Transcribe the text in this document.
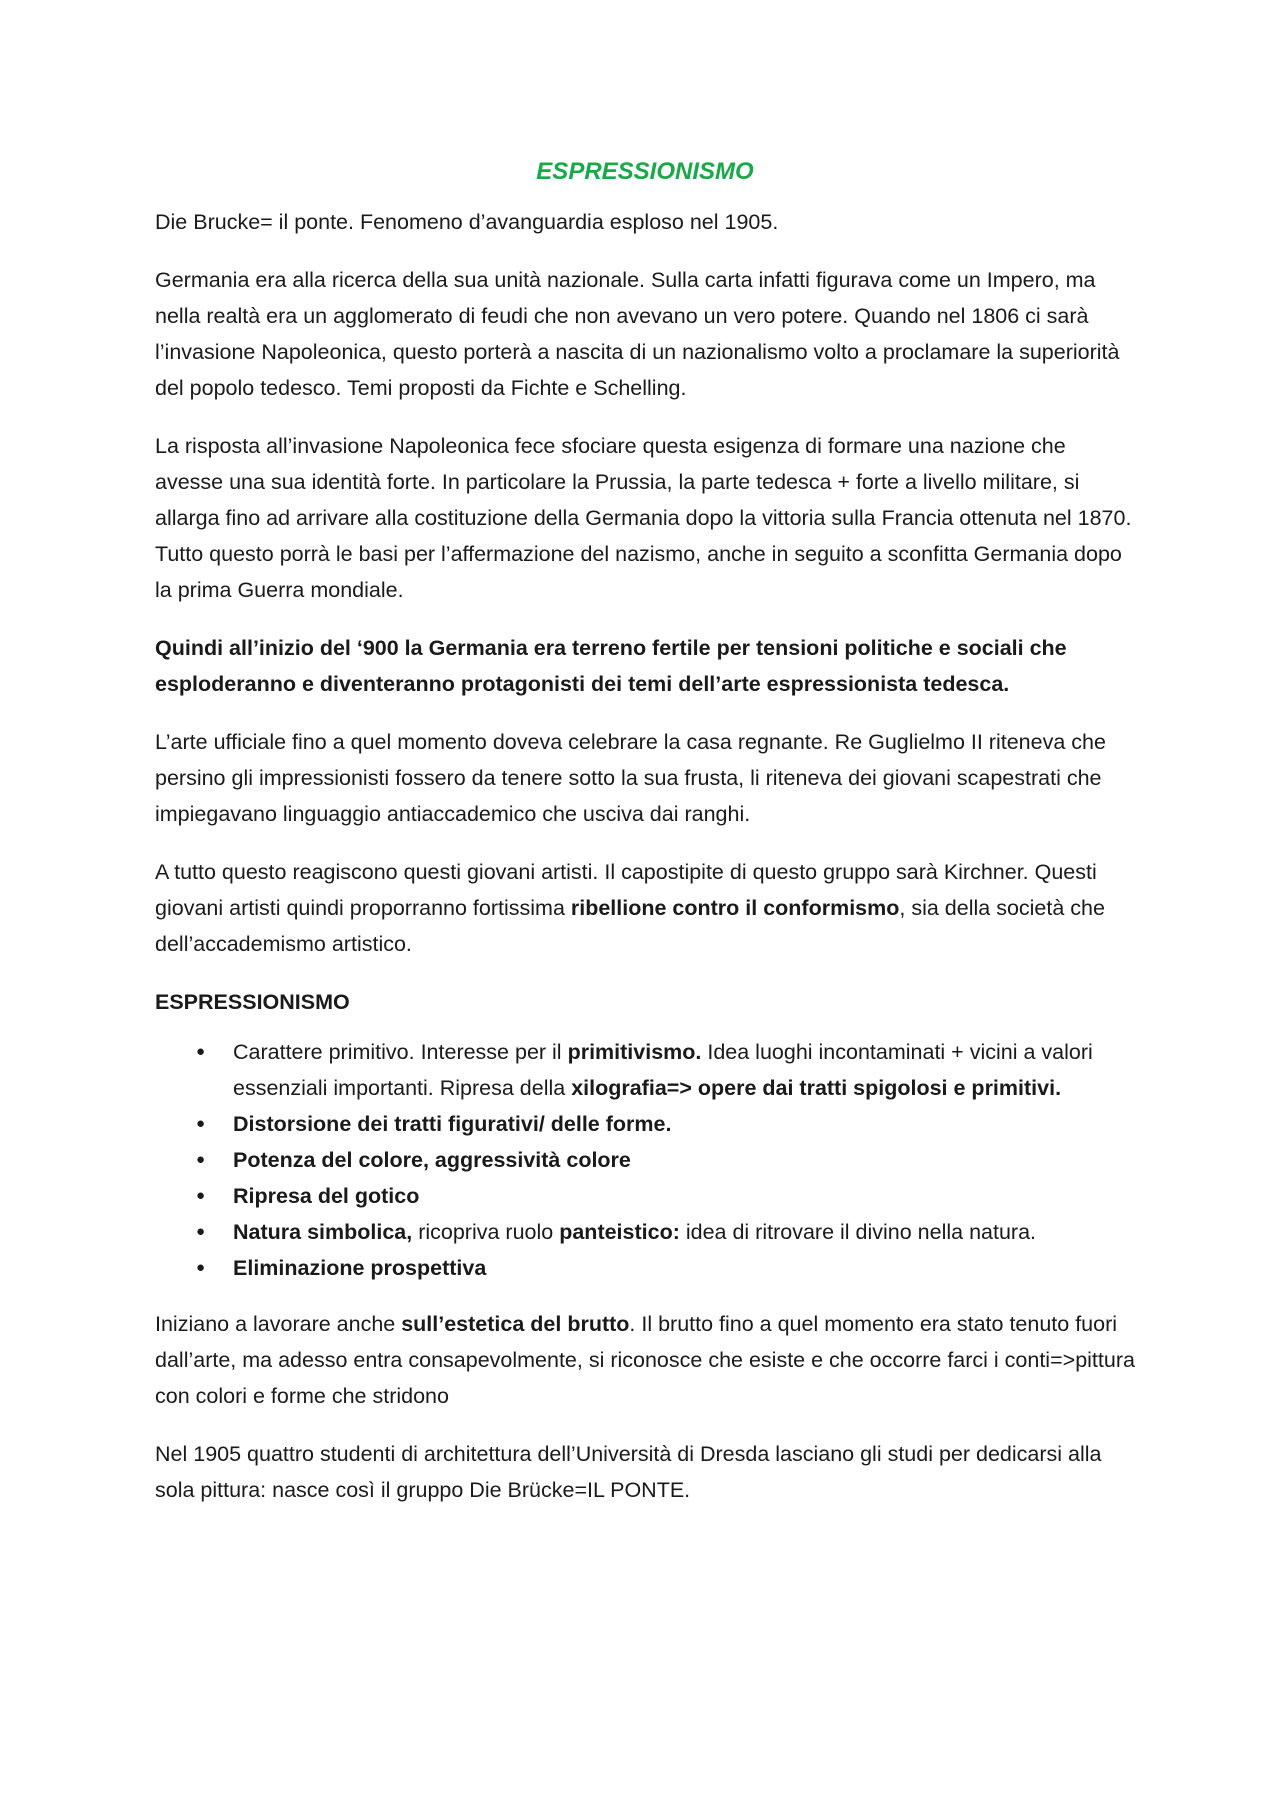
ESPRESSIONISMO

Die Brucke= il ponte. Fenomeno d’avanguardia esploso nel 1905.

Germania era alla ricerca della sua unità nazionale. Sulla carta infatti figurava come un Impero, ma nella realtà era un agglomerato di feudi che non avevano un vero potere. Quando nel 1806 ci sarà l’invasione Napoleonica, questo porterà a nascita di un nazionalismo volto a proclamare la superiorità del popolo tedesco. Temi proposti da Fichte e Schelling.

La risposta all’invasione Napoleonica fece sfociare questa esigenza di formare una nazione che avesse una sua identità forte. In particolare la Prussia, la parte tedesca + forte a livello militare, si allarga fino ad arrivare alla costituzione della Germania dopo la vittoria sulla Francia ottenuta nel 1870. Tutto questo porrà le basi per l’affermazione del nazismo, anche in seguito a sconfitta Germania dopo la prima Guerra mondiale.

Quindi all’inizio del ‘900 la Germania era terreno fertile per tensioni politiche e sociali che esploderanno e diventeranno protagonisti dei temi dell’arte espressionista tedesca.

L’arte ufficiale fino a quel momento doveva celebrare la casa regnante. Re Guglielmo II riteneva che persino gli impressionisti fossero da tenere sotto la sua frusta, li riteneva dei giovani scapestrati che impiegavano linguaggio antiaccademico che usciva dai ranghi.

A tutto questo reagiscono questi giovani artisti. Il capostipite di questo gruppo sarà Kirchner. Questi giovani artisti quindi proporranno fortissima ribellione contro il conformismo, sia della società che dell’accademismo artistico.

ESPRESSIONISMO
● Carattere primitivo. Interesse per il primitivismo. Idea luoghi incontaminati + vicini a valori essenziali importanti. Ripresa della xilografia=> opere dai tratti spigolosi e primitivi.
● Distorsione dei tratti figurativi/ delle forme.
● Potenza del colore, aggressività colore
● Ripresa del gotico
● Natura simbolica, ricopriva ruolo panteistico: idea di ritrovare il divino nella natura.
● Eliminazione prospettiva

Iniziano a lavorare anche sull’estetica del brutto. Il brutto fino a quel momento era stato tenuto fuori dall’arte, ma adesso entra consapevolmente, si riconosce che esiste e che occorre farci i conti=>pittura con colori e forme che stridono

Nel 1905 quattro studenti di architettura dell’Università di Dresda lasciano gli studi per dedicarsi alla sola pittura: nasce così il gruppo Die Brücke=IL PONTE.
